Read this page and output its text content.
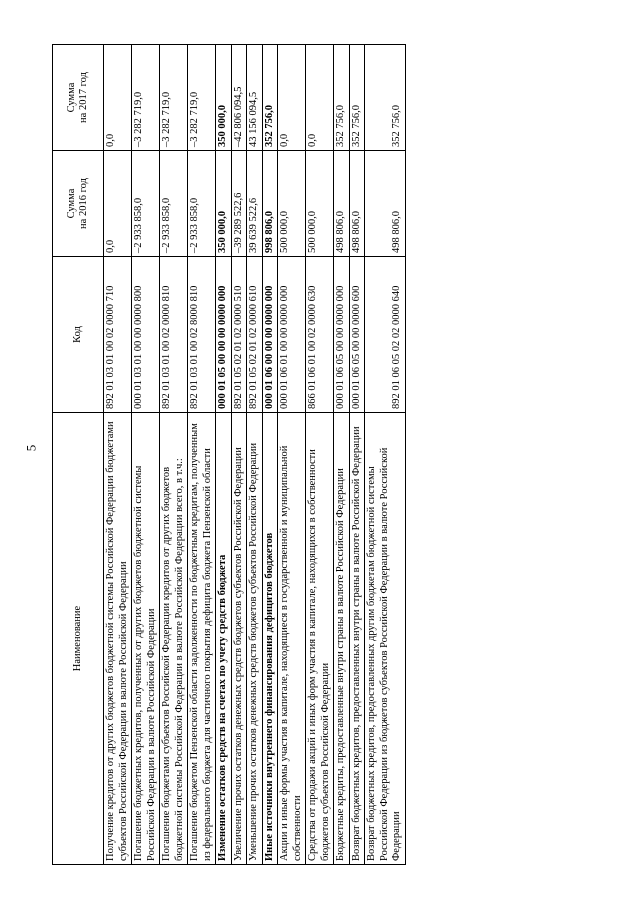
5
Наименование	Код	Сумма на 2016 год	Сумма на 2017 год
Получение кредитов от других бюджетов бюджетной системы Российской Федерации бюджетами субъектов Российской Федерации в валюте Российской Федерации	892 01 03 01 00 02 0000 710	0,0	0,0
Погашение бюджетных кредитов, полученных от других бюджетов бюджетной системы Российской Федерации в валюте Российской Федерации	000 01 03 01 00 00 0000 800	–2 933 858,0	–3 282 719,0
Погашение бюджетами субъектов Российской Федерации кредитов от других бюджетов бюджетной системы Российской Федерации в валюте Российской Федерации всего, в т.ч.:	892 01 03 01 00 02 0000 810	–2 933 858,0	–3 282 719,0
Погашение бюджетом Пензенской области задолженности по бюджетным кредитам, полученным из федерального бюджета для частичного покрытия дефицита бюджета Пензенской области	892 01 03 01 00 02 8000 810	–2 933 858,0	–3 282 719,0
Изменение остатков средств на счетах по учету средств бюджета	000 01 05 00 00 00 0000 000	350 000,0	350 000,0
Увеличение прочих остатков денежных средств бюджетов субъектов Российской Федерации	892 01 05 02 01 02 0000 510	–39 289 522,6	–42 806 094,5
Уменьшение прочих остатков денежных средств бюджетов субъектов Российской Федерации	892 01 05 02 01 02 0000 610	39 639 522,6	43 156 094,5
Иные источники внутреннего финансирования дефицитов бюджетов	000 01 06 00 00 00 0000 000	998 806,0	352 756,0
Акции и иные формы участия в капитале, находящиеся в государственной и муниципальной собственности	000 01 06 01 00 00 0000 000	500 000,0	0,0
Средства от продажи акций и иных форм участия в капитале, находящихся в собственности бюджетов субъектов Российской Федерации	866 01 06 01 00 02 0000 630	500 000,0	0,0
Бюджетные кредиты, предоставленные внутри страны в валюте Российской Федерации	000 01 06 05 00 00 0000 000	498 806,0	352 756,0
Возврат бюджетных кредитов, предоставленных внутри страны в валюте Российской Федерации	000 01 06 05 00 00 0000 600	498 806,0	352 756,0
Возврат бюджетных кредитов, предоставленных другим бюджетам бюджетной системы Российской Федерации из бюджетов субъектов Российской Федерации в валюте Российской Федерации	892 01 06 05 02 02 0000 640	498 806,0	352 756,0
